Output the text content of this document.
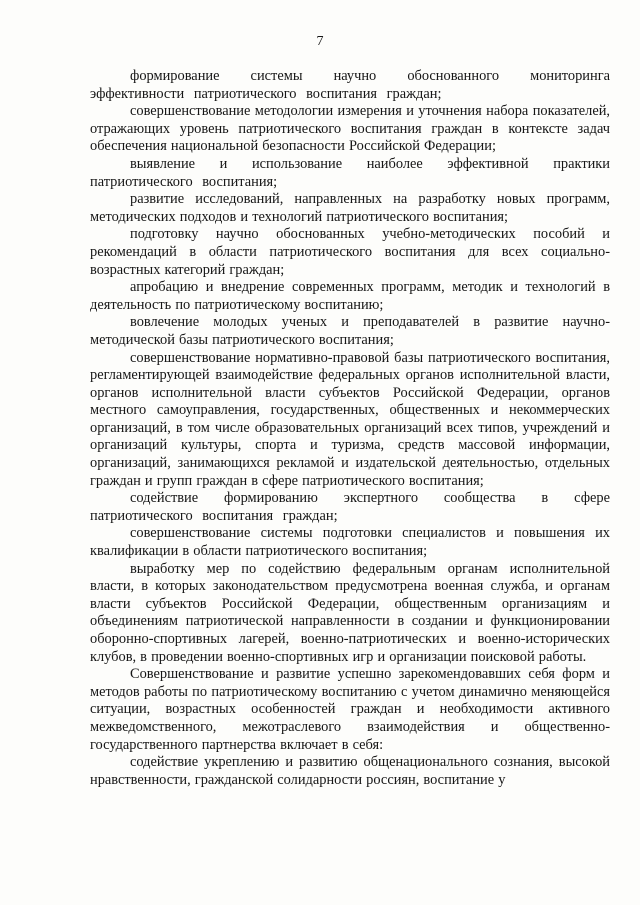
7

формирование системы научно обоснованного мониторинга эффективности патриотического воспитания граждан;

совершенствование методологии измерения и уточнения набора показателей, отражающих уровень патриотического воспитания граждан в контексте задач обеспечения национальной безопасности Российской Федерации;

выявление и использование наиболее эффективной практики патриотического воспитания;

развитие исследований, направленных на разработку новых программ, методических подходов и технологий патриотического воспитания;

подготовку научно обоснованных учебно-методических пособий и рекомендаций в области патриотического воспитания для всех социально-возрастных категорий граждан;

апробацию и внедрение современных программ, методик и технологий в деятельность по патриотическому воспитанию;

вовлечение молодых ученых и преподавателей в развитие научно-методической базы патриотического воспитания;

совершенствование нормативно-правовой базы патриотического воспитания, регламентирующей взаимодействие федеральных органов исполнительной власти, органов исполнительной власти субъектов Российской Федерации, органов местного самоуправления, государственных, общественных и некоммерческих организаций, в том числе образовательных организаций всех типов, учреждений и организаций культуры, спорта и туризма, средств массовой информации, организаций, занимающихся рекламой и издательской деятельностью, отдельных граждан и групп граждан в сфере патриотического воспитания;

содействие формированию экспертного сообщества в сфере патриотического воспитания граждан;

совершенствование системы подготовки специалистов и повышения их квалификации в области патриотического воспитания;

выработку мер по содействию федеральным органам исполнительной власти, в которых законодательством предусмотрена военная служба, и органам власти субъектов Российской Федерации, общественным организациям и объединениям патриотической направленности в создании и функционировании оборонно-спортивных лагерей, военно-патриотических и военно-исторических клубов, в проведении военно-спортивных игр и организации поисковой работы.

Совершенствование и развитие успешно зарекомендовавших себя форм и методов работы по патриотическому воспитанию с учетом динамично меняющейся ситуации, возрастных особенностей граждан и необходимости активного межведомственного, межотраслевого взаимодействия и общественно-государственного партнерства включает в себя:

содействие укреплению и развитию общенационального сознания, высокой нравственности, гражданской солидарности россиян, воспитание у
